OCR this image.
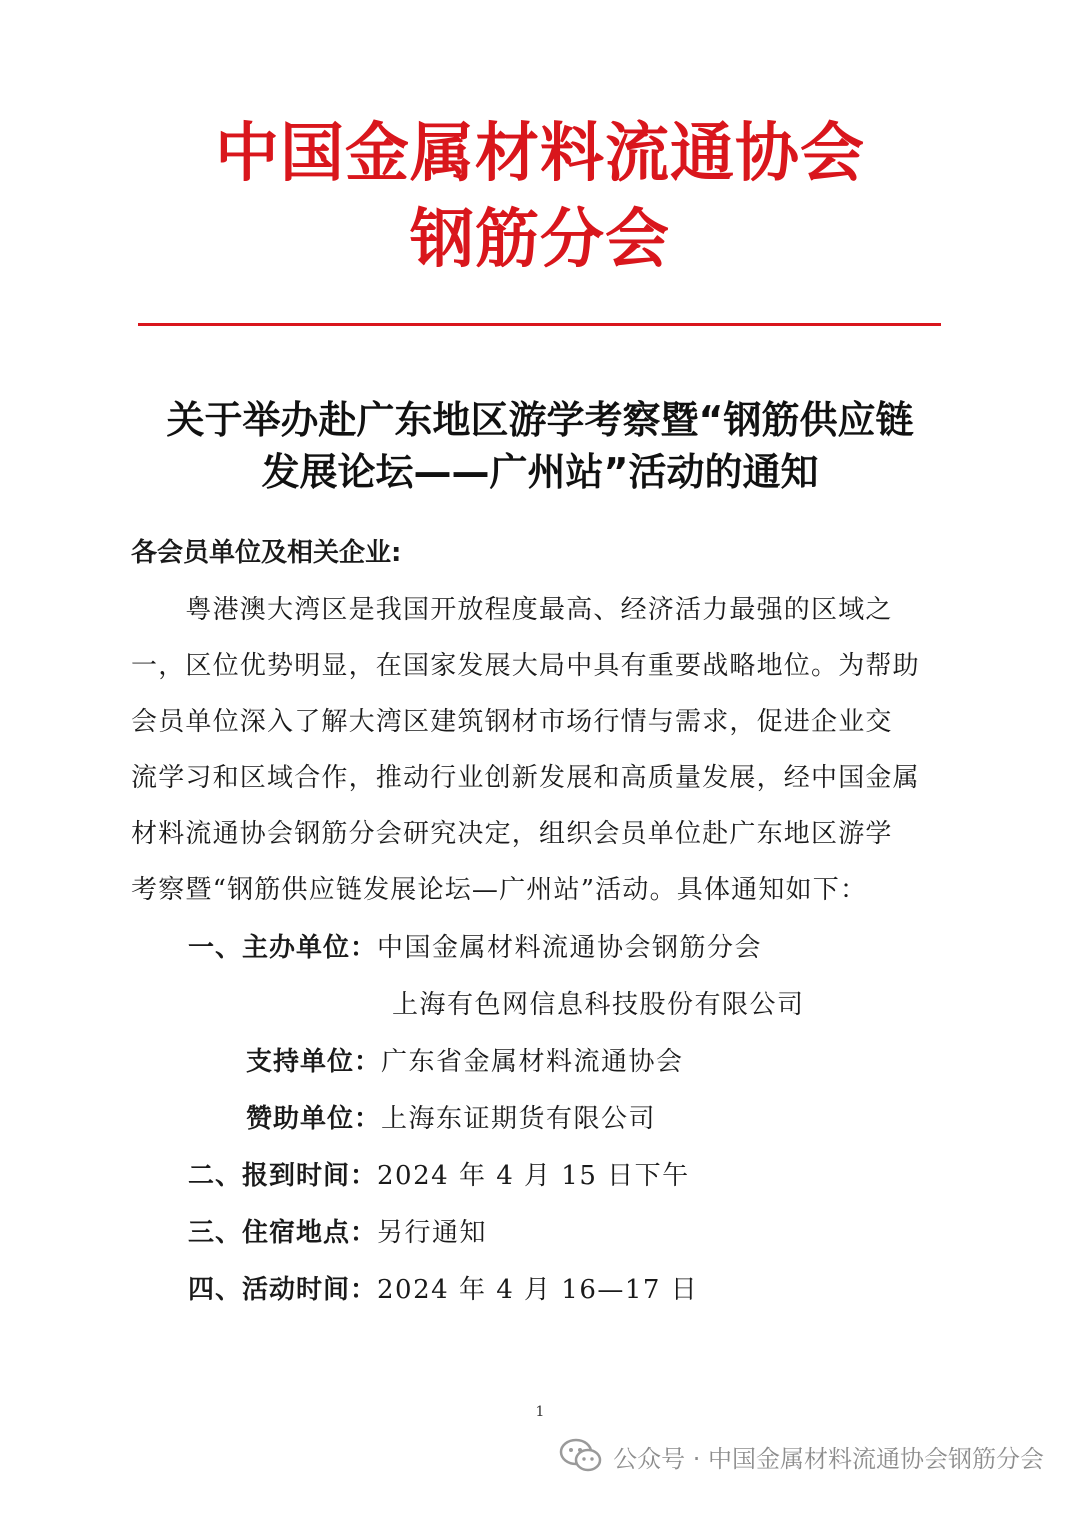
中国金属材料流通协会
钢筋分会
关于举办赴广东地区游学考察暨“钢筋供应链
发展论坛——广州站”活动的通知
各会员单位及相关企业:
　　粤港澳大湾区是我国开放程度最高、经济活力最强的区域之
一，区位优势明显，在国家发展大局中具有重要战略地位。为帮助
会员单位深入了解大湾区建筑钢材市场行情与需求，促进企业交
流学习和区域合作，推动行业创新发展和高质量发展，经中国金属
材料流通协会钢筋分会研究决定，组织会员单位赴广东地区游学
考察暨“钢筋供应链发展论坛—广州站”活动。具体通知如下：
一、主办单位：中国金属材料流通协会钢筋分会
上海有色网信息科技股份有限公司
支持单位：广东省金属材料流通协会
赞助单位：上海东证期货有限公司
二、报到时间：2024 年 4 月 15 日下午
三、住宿地点：另行通知
四、活动时间：2024 年 4 月 16—17 日
1
公众号 · 中国金属材料流通协会钢筋分会
